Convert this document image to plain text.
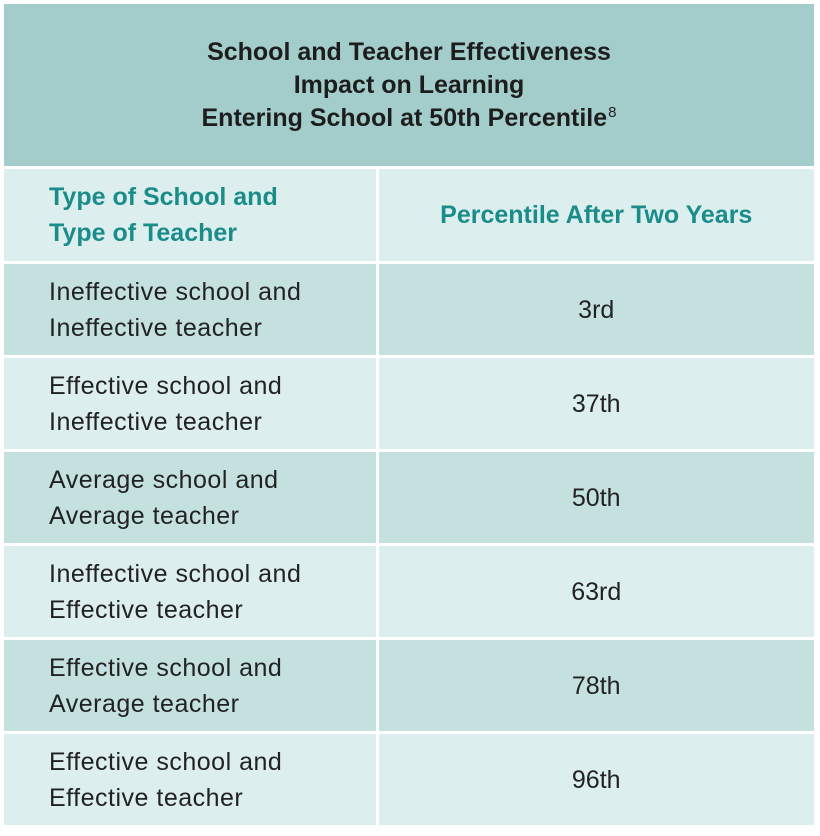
School and Teacher Effectiveness
Impact on Learning
Entering School at 50th Percentile$^8$
Type of School and
Type of Teacher	Percentile After Two Years

Ineffective school and
Ineffective teacher	3rd

Effective school and
Ineffective teacher	37th

Average school and
Average teacher	50th

Ineffective school and
Effective teacher	63rd

Effective school and
Average teacher	78th

Effective school and
Effective teacher	96th
